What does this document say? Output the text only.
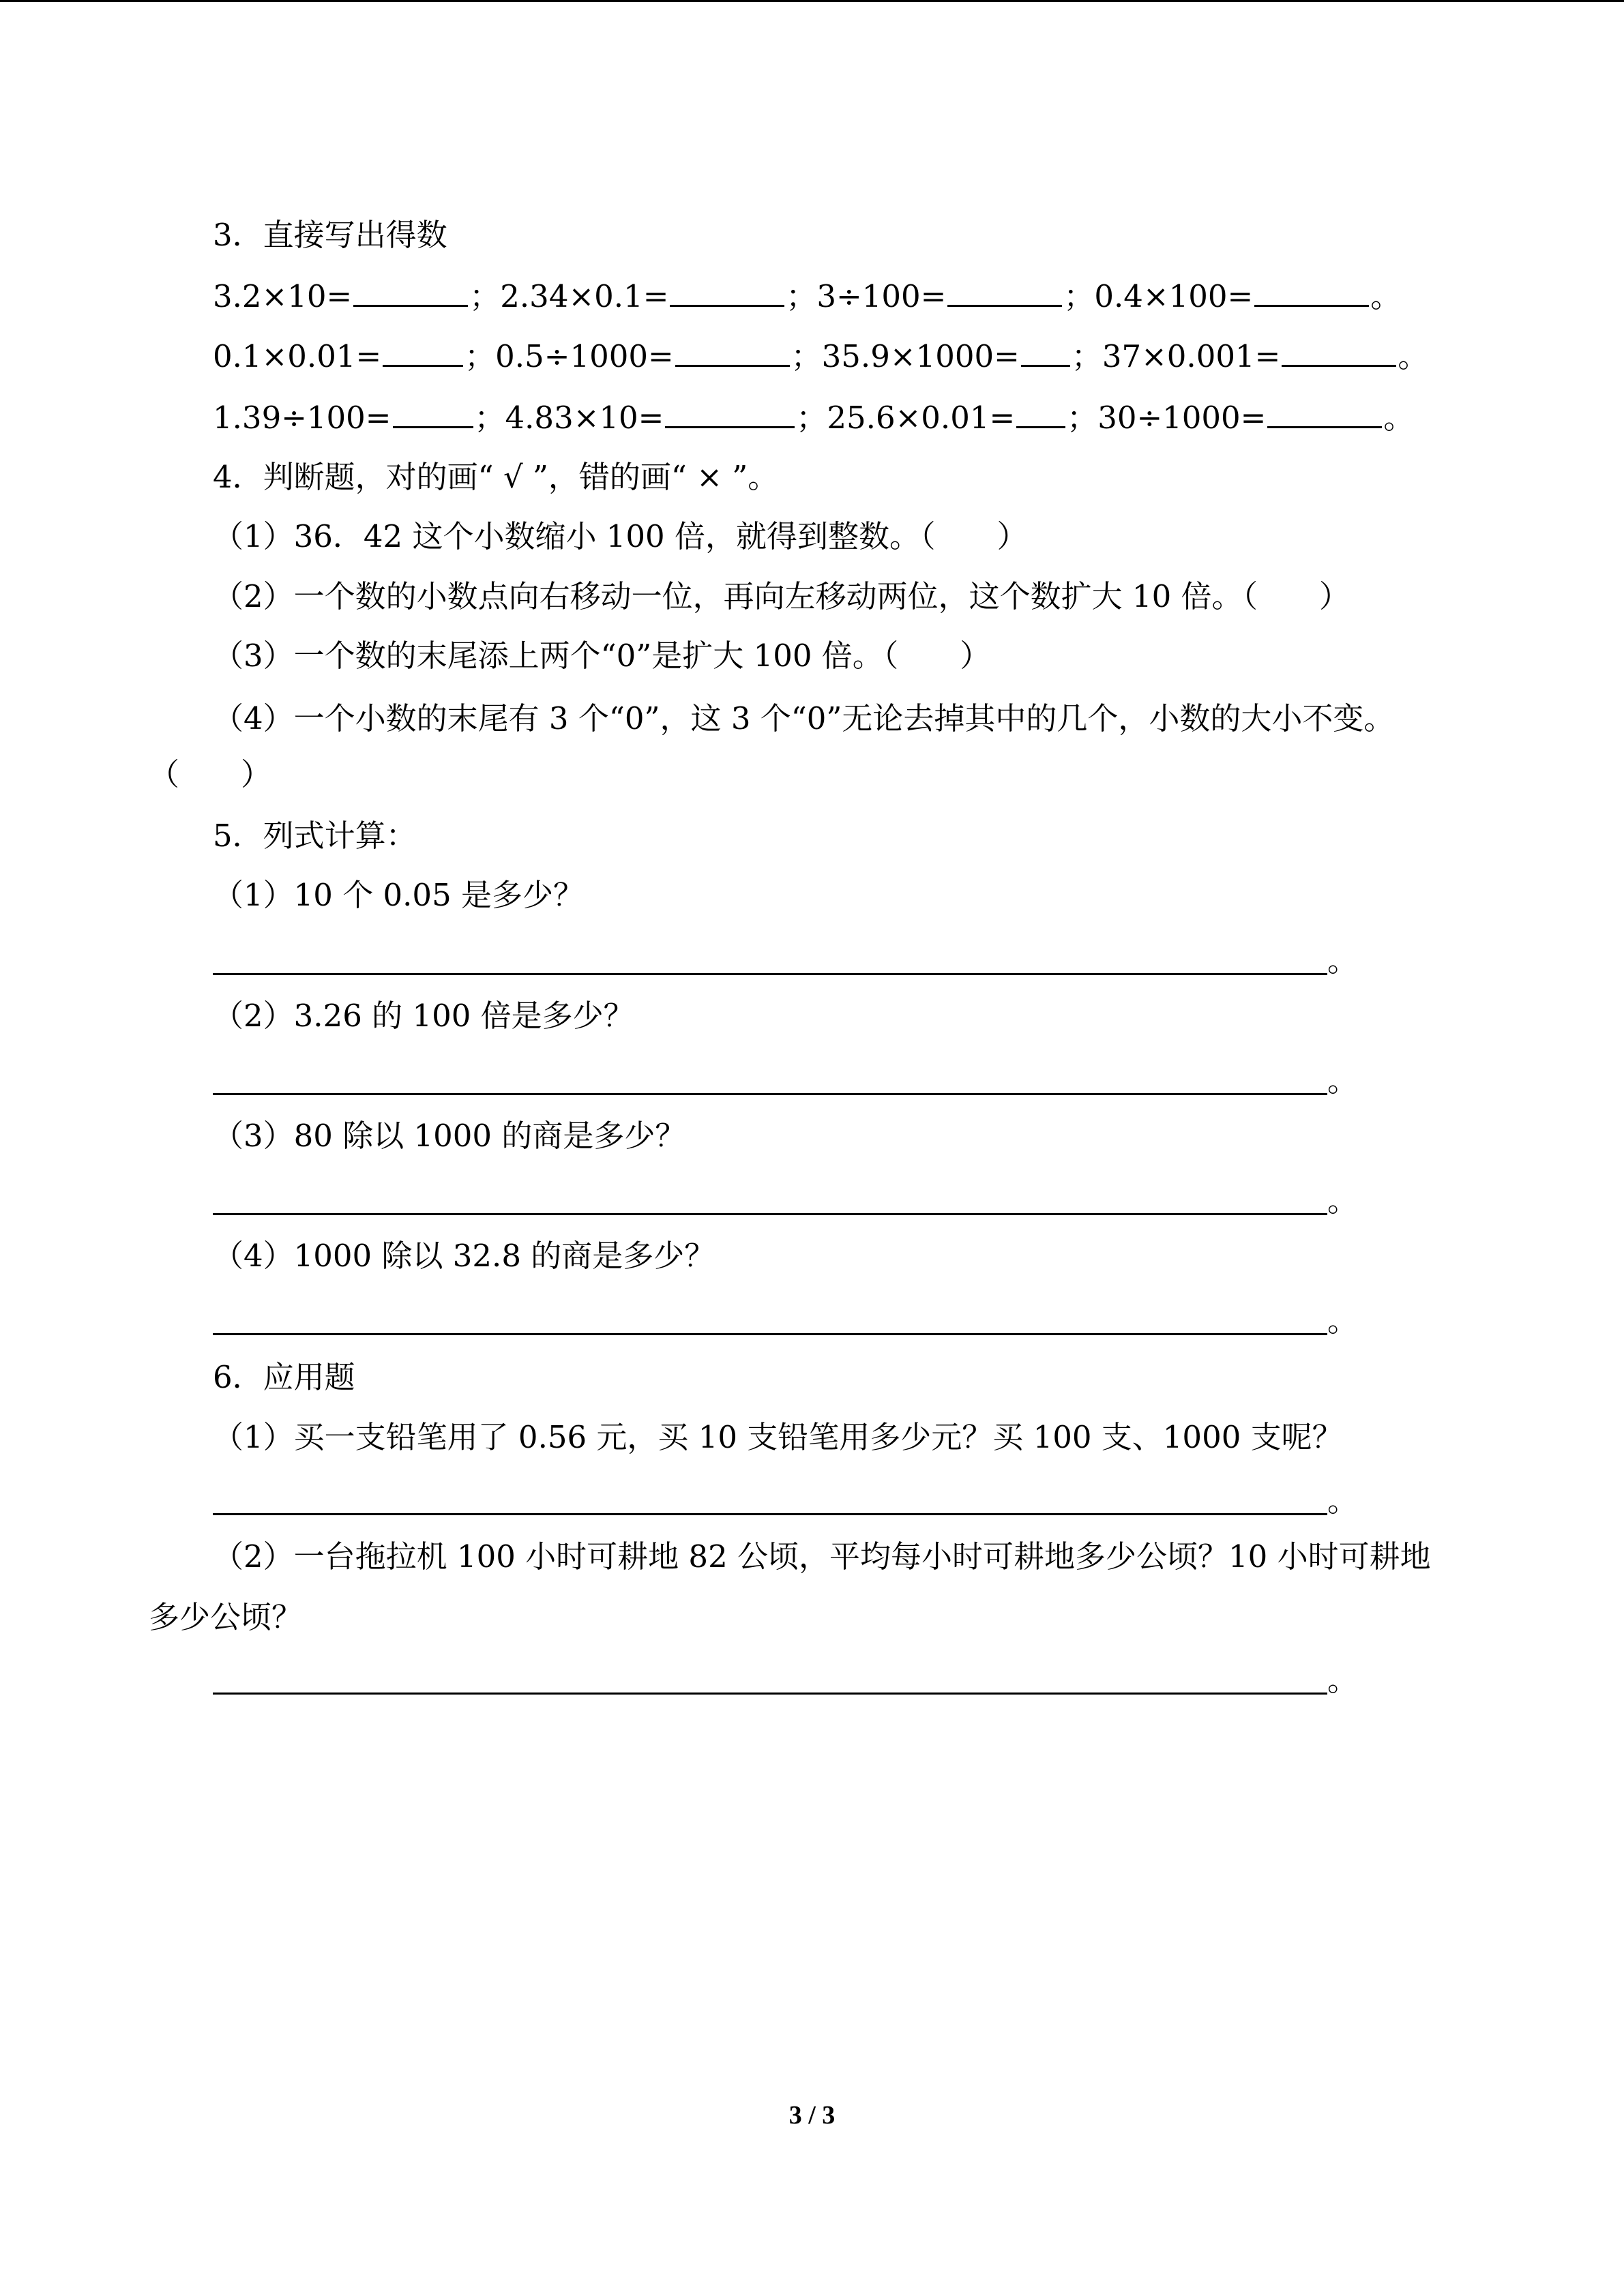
3．直接写出得数
3.2×10=	；2.34×0.1=	；3÷100=	；0.4×100=	。
0.1×0.01=	；0.5÷1000=	；35.9×1000= ；37×0.001=	。
1.39÷100=	；4.83×10=	；25.6×0.01= ；30÷1000=	。
4．判断题，对的画“ √ ”，错的画“ × ”。
（1）36．42 这个小数缩小 100 倍，就得到整数。（　　）
（2）一个数的小数点向右移动一位，再向左移动两位，这个数扩大 10 倍。（　　）
（3）一个数的末尾添上两个“0”是扩大 100 倍。（　　）
（4）一个小数的末尾有 3 个“0”，这 3 个“0”无论去掉其中的几个，小数的大小不变。
（　　）
5．列式计算：
（1）10 个 0.05 是多少？
。
（2）3.26 的 100 倍是多少？
。
（3）80 除以 1000 的商是多少？
。
（4）1000 除以 32.8 的商是多少？
。
6．应用题
（1）买一支铅笔用了 0.56 元，买 10 支铅笔用多少元？买 100 支、1000 支呢？
。
（2）一台拖拉机 100 小时可耕地 82 公顷，平均每小时可耕地多少公顷？10 小时可耕地
多少公顷？
。
3 / 3
